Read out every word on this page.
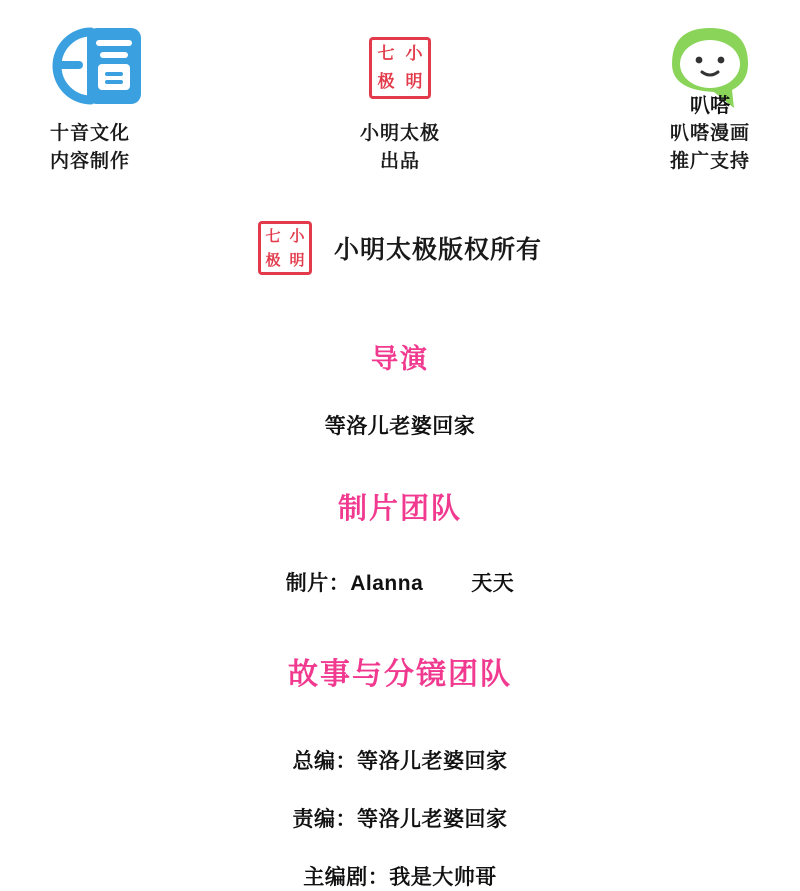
十音文化
内容制作
七 小
极 明
小明太极
出品
叭嗒
叭嗒漫画
推广支持
七 小
极 明 小明太极版权所有
导演
等洛儿老婆回家
制片团队
制片：Alanna 天天
故事与分镜团队
总编：等洛儿老婆回家
责编：等洛儿老婆回家
主编剧：我是大帅哥
